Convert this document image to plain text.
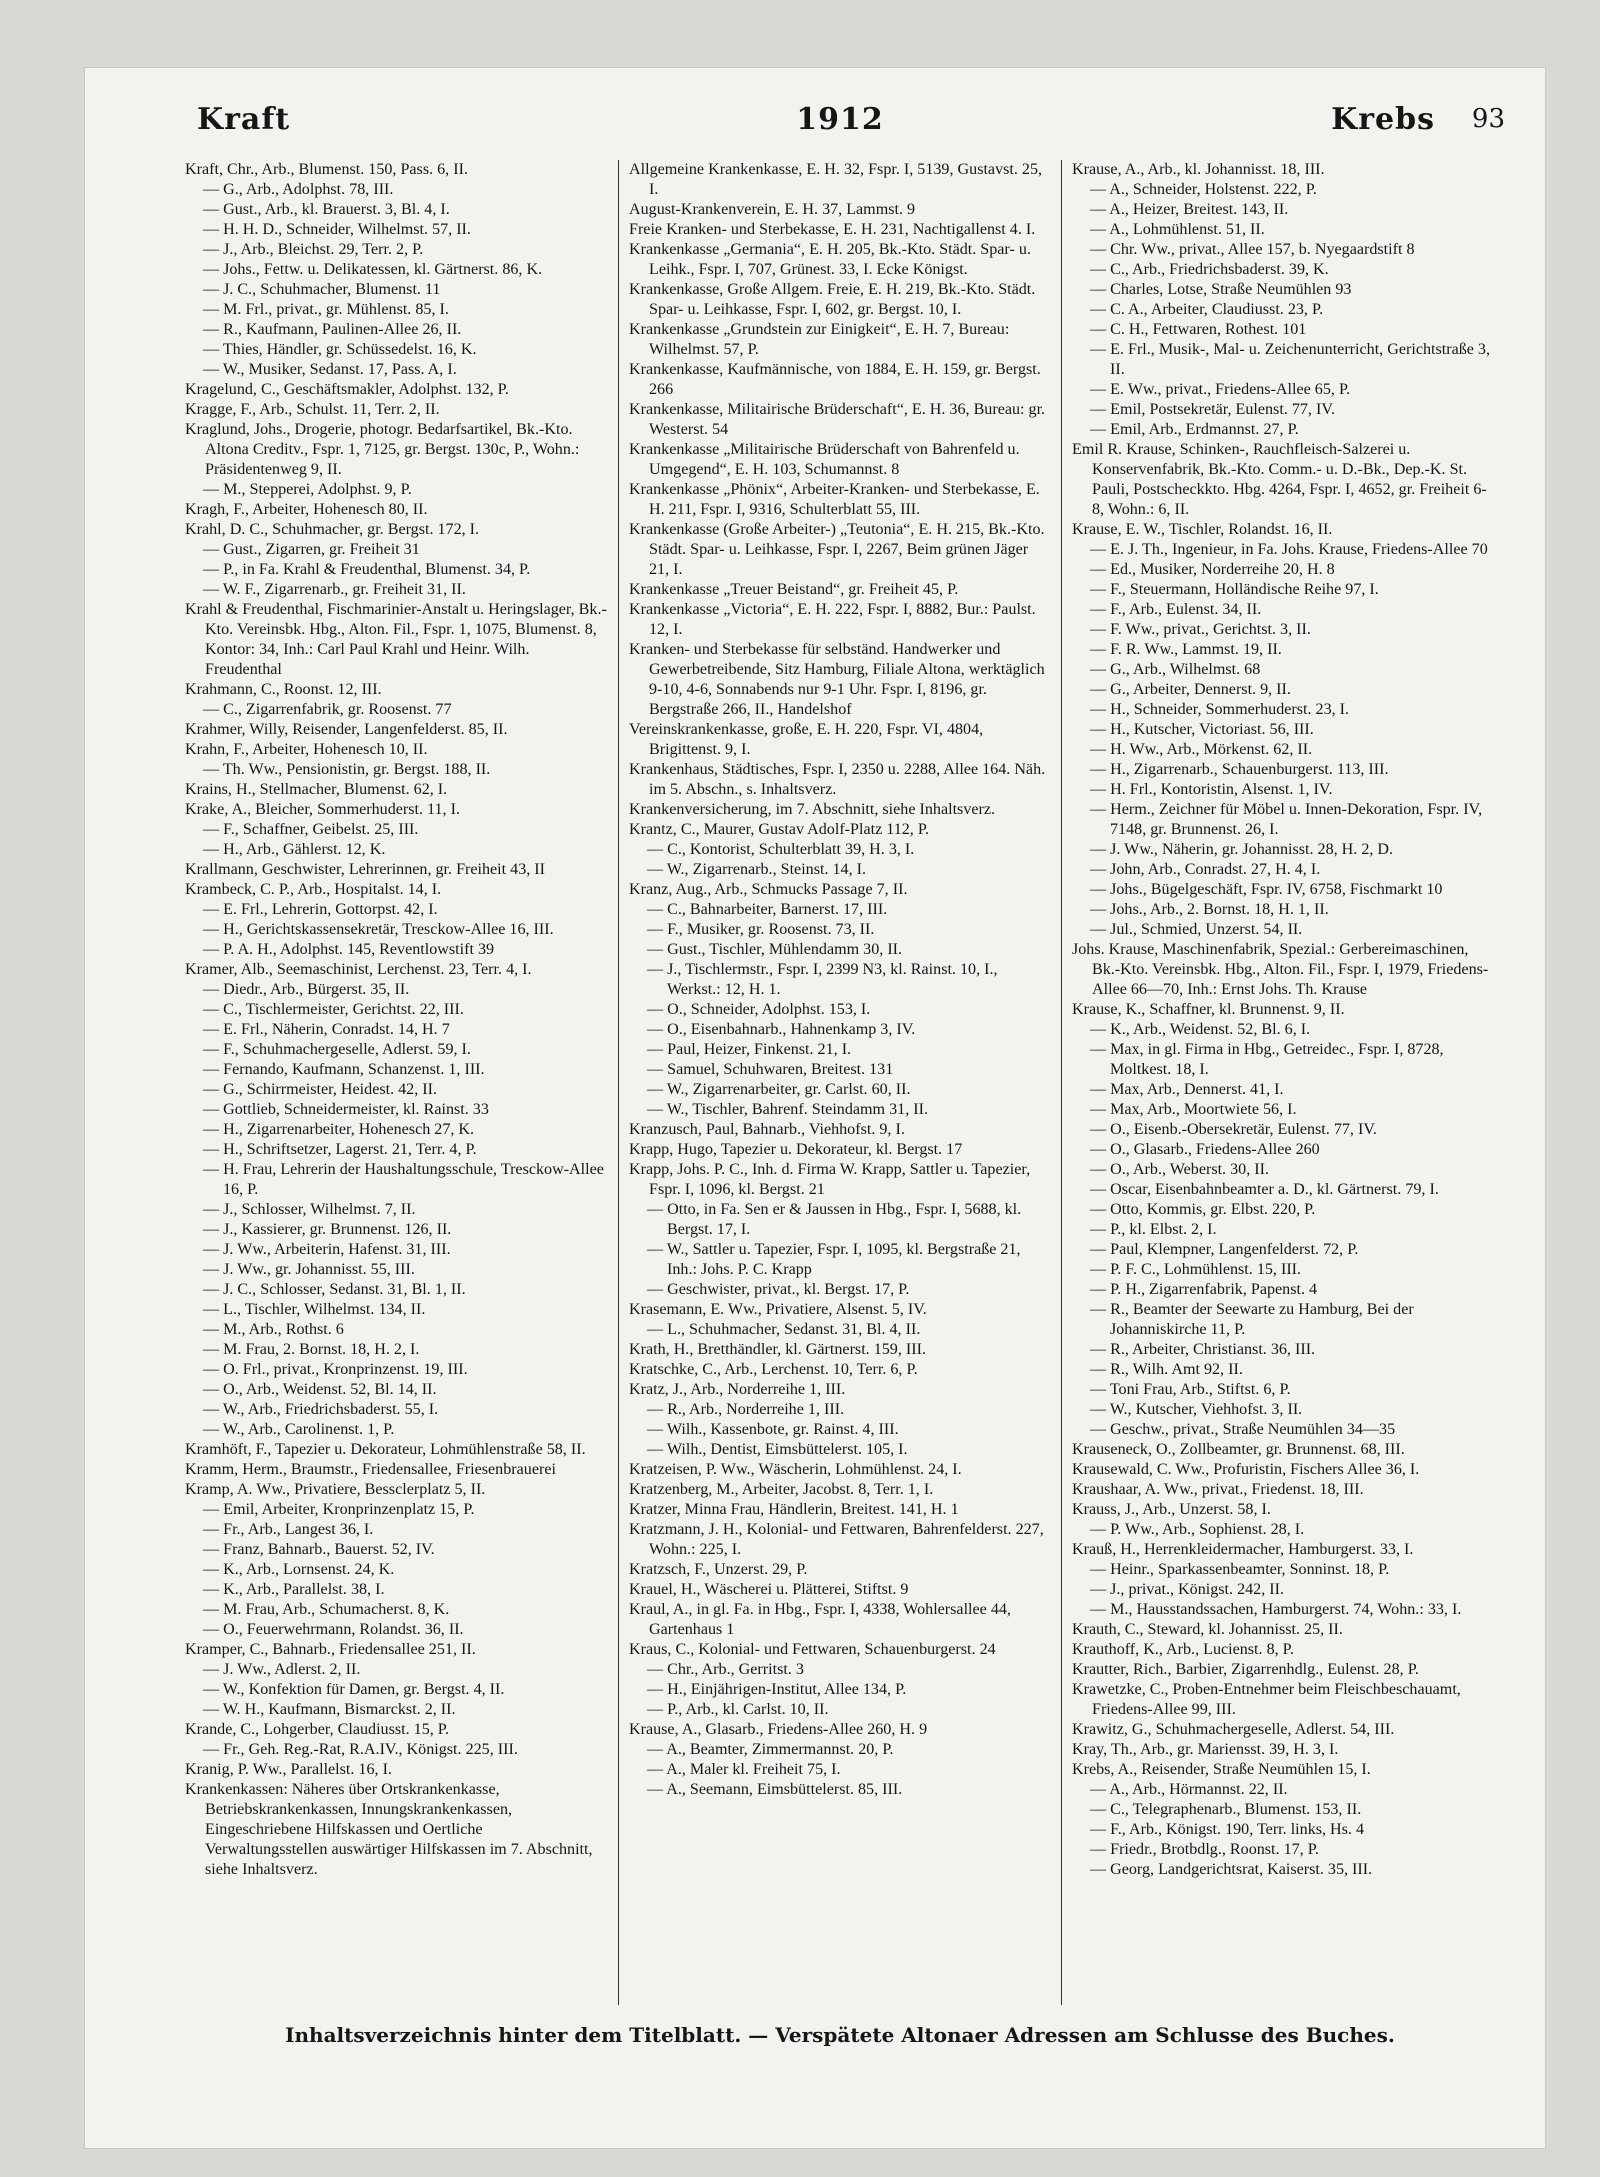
Kraft	1912	Krebs 93
Kraft, Chr., Arb., Blumenst. 150, Pass. 6, II.
— G., Arb., Adolphst. 78, III.
— Gust., Arb., kl. Brauerst. 3, Bl. 4, I.
— H. H. D., Schneider, Wilhelmst. 57, II.
— J., Arb., Bleichst. 29, Terr. 2, P.
— Johs., Fettw. u. Delikatessen, kl. Gärtnerst. 86, K.
— J. C., Schuhmacher, Blumenst. 11
— M. Frl., privat., gr. Mühlenst. 85, I.
— R., Kaufmann, Paulinen-Allee 26, II.
— Thies, Händler, gr. Schüssedelst. 16, K.
— W., Musiker, Sedanst. 17, Pass. A, I.
Kragelund, C., Geschäftsmakler, Adolphst. 132, P.
Kragge, F., Arb., Schulst. 11, Terr. 2, II.
Kraglund, Johs., Drogerie, photogr. Bedarfsartikel, Bk.-Kto. Altona Creditv., Fspr. 1, 7125, gr. Bergst. 130c, P., Wohn.: Präsidentenweg 9, II.
— M., Stepperei, Adolphst. 9, P.
Kragh, F., Arbeiter, Hohenesch 80, II.
Krahl, D. C., Schuhmacher, gr. Bergst. 172, I.
— Gust., Zigarren, gr. Freiheit 31
— P., in Fa. Krahl & Freudenthal, Blumenst. 34, P.
— W. F., Zigarrenarb., gr. Freiheit 31, II.
Krahl & Freudenthal, Fischmarinier-Anstalt u. Heringslager, Bk.-Kto. Vereinsbk. Hbg., Alton. Fil., Fspr. 1, 1075, Blumenst. 8, Kontor: 34, Inh.: Carl Paul Krahl und Heinr. Wilh. Freudenthal
Krahmann, C., Roonst. 12, III.
— C., Zigarrenfabrik, gr. Roosenst. 77
Krahmer, Willy, Reisender, Langenfelderst. 85, II.
Krahn, F., Arbeiter, Hohenesch 10, II.
— Th. Ww., Pensionistin, gr. Bergst. 188, II.
Krains, H., Stellmacher, Blumenst. 62, I.
Krake, A., Bleicher, Sommerhuderst. 11, I.
— F., Schaffner, Geibelst. 25, III.
— H., Arb., Gählerst. 12, K.
Krallmann, Geschwister, Lehrerinnen, gr. Freiheit 43, II
Krambeck, C. P., Arb., Hospitalst. 14, I.
— E. Frl., Lehrerin, Gottorpst. 42, I.
— H., Gerichtskassensekretär, Tresckow-Allee 16, III.
— P. A. H., Adolphst. 145, Reventlowstift 39
Kramer, Alb., Seemaschinist, Lerchenst. 23, Terr. 4, I.
— Diedr., Arb., Bürgerst. 35, II.
— C., Tischlermeister, Gerichtst. 22, III.
— E. Frl., Näherin, Conradst. 14, H. 7
— F., Schuhmachergeselle, Adlerst. 59, I.
— Fernando, Kaufmann, Schanzenst. 1, III.
— G., Schirrmeister, Heidest. 42, II.
— Gottlieb, Schneidermeister, kl. Rainst. 33
— H., Zigarrenarbeiter, Hohenesch 27, K.
— H., Schriftsetzer, Lagerst. 21, Terr. 4, P.
— H. Frau, Lehrerin der Haushaltungsschule, Tresckow-Allee 16, P.
— J., Schlosser, Wilhelmst. 7, II.
— J., Kassierer, gr. Brunnenst. 126, II.
— J. Ww., Arbeiterin, Hafenst. 31, III.
— J. Ww., gr. Johannisst. 55, III.
— J. C., Schlosser, Sedanst. 31, Bl. 1, II.
— L., Tischler, Wilhelmst. 134, II.
— M., Arb., Rothst. 6
— M. Frau, 2. Bornst. 18, H. 2, I.
— O. Frl., privat., Kronprinzenst. 19, III.
— O., Arb., Weidenst. 52, Bl. 14, II.
— W., Arb., Friedrichsbaderst. 55, I.
— W., Arb., Carolinenst. 1, P.
Kramhöft, F., Tapezier u. Dekorateur, Lohmühlenstraße 58, II.
Kramm, Herm., Braumstr., Friedensallee, Friesenbrauerei
Kramp, A. Ww., Privatiere, Bessclerplatz 5, II.
— Emil, Arbeiter, Kronprinzenplatz 15, P.
— Fr., Arb., Langest 36, I.
— Franz, Bahnarb., Bauerst. 52, IV.
— K., Arb., Lornsenst. 24, K.
— K., Arb., Parallelst. 38, I.
— M. Frau, Arb., Schumacherst. 8, K.
— O., Feuerwehrmann, Rolandst. 36, II.
Kramper, C., Bahnarb., Friedensallee 251, II.
— J. Ww., Adlerst. 2, II.
— W., Konfektion für Damen, gr. Bergst. 4, II.
— W. H., Kaufmann, Bismarckst. 2, II.
Krande, C., Lohgerber, Claudiusst. 15, P.
— Fr., Geh. Reg.-Rat, R.A.IV., Königst. 225, III.
Kranig, P. Ww., Parallelst. 16, I.
Krankenkassen: Näheres über Ortskrankenkasse, Betriebskrankenkassen, Innungskrankenkassen, Eingeschriebene Hilfskassen und Oertliche Verwaltungsstellen auswärtiger Hilfskassen im 7. Abschnitt, siehe Inhaltsverz.
Allgemeine Krankenkasse, E. H. 32, Fspr. I, 5139, Gustavst. 25, I.
August-Krankenverein, E. H. 37, Lammst. 9
Freie Kranken- und Sterbekasse, E. H. 231, Nachtigallenst 4. I.
Krankenkasse „Germania“, E. H. 205, Bk.-Kto. Städt. Spar- u. Leihk., Fspr. I, 707, Grünest. 33, I. Ecke Königst.
Krankenkasse, Große Allgem. Freie, E. H. 219, Bk.-Kto. Städt. Spar- u. Leihkasse, Fspr. I, 602, gr. Bergst. 10, I.
Krankenkasse „Grundstein zur Einigkeit“, E. H. 7, Bureau: Wilhelmst. 57, P.
Krankenkasse, Kaufmännische, von 1884, E. H. 159, gr. Bergst. 266
Krankenkasse, Militairische Brüderschaft“, E. H. 36, Bureau: gr. Westerst. 54
Krankenkasse „Militairische Brüderschaft von Bahrenfeld u. Umgegend“, E. H. 103, Schumannst. 8
Krankenkasse „Phönix“, Arbeiter-Kranken- und Sterbekasse, E. H. 211, Fspr. I, 9316, Schulterblatt 55, III.
Krankenkasse (Große Arbeiter-) „Teutonia“, E. H. 215, Bk.-Kto. Städt. Spar- u. Leihkasse, Fspr. I, 2267, Beim grünen Jäger 21, I.
Krankenkasse „Treuer Beistand“, gr. Freiheit 45, P.
Krankenkasse „Victoria“, E. H. 222, Fspr. I, 8882, Bur.: Paulst. 12, I.
Kranken- und Sterbekasse für selbständ. Handwerker und Gewerbetreibende, Sitz Hamburg, Filiale Altona, werktäglich 9-10, 4-6, Sonnabends nur 9-1 Uhr. Fspr. I, 8196, gr. Bergstraße 266, II., Handelshof
Vereinskrankenkasse, große, E. H. 220, Fspr. VI, 4804, Brigittenst. 9, I.
Krankenhaus, Städtisches, Fspr. I, 2350 u. 2288, Allee 164. Näh. im 5. Abschn., s. Inhaltsverz.
Krankenversicherung, im 7. Abschnitt, siehe Inhaltsverz.
Krantz, C., Maurer, Gustav Adolf-Platz 112, P.
— C., Kontorist, Schulterblatt 39, H. 3, I.
— W., Zigarrenarb., Steinst. 14, I.
Kranz, Aug., Arb., Schmucks Passage 7, II.
— C., Bahnarbeiter, Barnerst. 17, III.
— F., Musiker, gr. Roosenst. 73, II.
— Gust., Tischler, Mühlendamm 30, II.
— J., Tischlermstr., Fspr. I, 2399 N3, kl. Rainst. 10, I., Werkst.: 12, H. 1.
— O., Schneider, Adolphst. 153, I.
— O., Eisenbahnarb., Hahnenkamp 3, IV.
— Paul, Heizer, Finkenst. 21, I.
— Samuel, Schuhwaren, Breitest. 131
— W., Zigarrenarbeiter, gr. Carlst. 60, II.
— W., Tischler, Bahrenf. Steindamm 31, II.
Kranzusch, Paul, Bahnarb., Viehhofst. 9, I.
Krapp, Hugo, Tapezier u. Dekorateur, kl. Bergst. 17
Krapp, Johs. P. C., Inh. d. Firma W. Krapp, Sattler u. Tapezier, Fspr. I, 1096, kl. Bergst. 21
— Otto, in Fa. Sen er & Jaussen in Hbg., Fspr. I, 5688, kl. Bergst. 17, I.
— W., Sattler u. Tapezier, Fspr. I, 1095, kl. Bergstraße 21, Inh.: Johs. P. C. Krapp
— Geschwister, privat., kl. Bergst. 17, P.
Krasemann, E. Ww., Privatiere, Alsenst. 5, IV.
— L., Schuhmacher, Sedanst. 31, Bl. 4, II.
Krath, H., Bretthändler, kl. Gärtnerst. 159, III.
Kratschke, C., Arb., Lerchenst. 10, Terr. 6, P.
Kratz, J., Arb., Norderreihe 1, III.
— R., Arb., Norderreihe 1, III.
— Wilh., Kassenbote, gr. Rainst. 4, III.
— Wilh., Dentist, Eimsbüttelerst. 105, I.
Kratzeisen, P. Ww., Wäscherin, Lohmühlenst. 24, I.
Kratzenberg, M., Arbeiter, Jacobst. 8, Terr. 1, I.
Kratzer, Minna Frau, Händlerin, Breitest. 141, H. 1
Kratzmann, J. H., Kolonial- und Fettwaren, Bahrenfelderst. 227, Wohn.: 225, I.
Kratzsch, F., Unzerst. 29, P.
Krauel, H., Wäscherei u. Plätterei, Stiftst. 9
Kraul, A., in gl. Fa. in Hbg., Fspr. I, 4338, Wohlersallee 44, Gartenhaus 1
Kraus, C., Kolonial- und Fettwaren, Schauenburgerst. 24
— Chr., Arb., Gerritst. 3
— H., Einjährigen-Institut, Allee 134, P.
— P., Arb., kl. Carlst. 10, II.
Krause, A., Glasarb., Friedens-Allee 260, H. 9
— A., Beamter, Zimmermannst. 20, P.
— A., Maler kl. Freiheit 75, I.
— A., Seemann, Eimsbüttelerst. 85, III.
Krause, A., Arb., kl. Johannisst. 18, III.
— A., Schneider, Holstenst. 222, P.
— A., Heizer, Breitest. 143, II.
— A., Lohmühlenst. 51, II.
— Chr. Ww., privat., Allee 157, b. Nyegaardstift 8
— C., Arb., Friedrichsbaderst. 39, K.
— Charles, Lotse, Straße Neumühlen 93
— C. A., Arbeiter, Claudiusst. 23, P.
— C. H., Fettwaren, Rothest. 101
— E. Frl., Musik-, Mal- u. Zeichenunterricht, Gerichtstraße 3, II.
— E. Ww., privat., Friedens-Allee 65, P.
— Emil, Postsekretär, Eulenst. 77, IV.
— Emil, Arb., Erdmannst. 27, P.
Emil R. Krause, Schinken-, Rauchfleisch-Salzerei u. Konservenfabrik, Bk.-Kto. Comm.- u. D.-Bk., Dep.-K. St. Pauli, Postscheckkto. Hbg. 4264, Fspr. I, 4652, gr. Freiheit 6-8, Wohn.: 6, II.
Krause, E. W., Tischler, Rolandst. 16, II.
— E. J. Th., Ingenieur, in Fa. Johs. Krause, Friedens-Allee 70
— Ed., Musiker, Norderreihe 20, H. 8
— F., Steuermann, Holländische Reihe 97, I.
— F., Arb., Eulenst. 34, II.
— F. Ww., privat., Gerichtst. 3, II.
— F. R. Ww., Lammst. 19, II.
— G., Arb., Wilhelmst. 68
— G., Arbeiter, Dennerst. 9, II.
— H., Schneider, Sommerhuderst. 23, I.
— H., Kutscher, Victoriast. 56, III.
— H. Ww., Arb., Mörkenst. 62, II.
— H., Zigarrenarb., Schauenburgerst. 113, III.
— H. Frl., Kontoristin, Alsenst. 1, IV.
— Herm., Zeichner für Möbel u. Innen-Dekoration, Fspr. IV, 7148, gr. Brunnenst. 26, I.
— J. Ww., Näherin, gr. Johannisst. 28, H. 2, D.
— John, Arb., Conradst. 27, H. 4, I.
— Johs., Bügelgeschäft, Fspr. IV, 6758, Fischmarkt 10
— Johs., Arb., 2. Bornst. 18, H. 1, II.
— Jul., Schmied, Unzerst. 54, II.
Johs. Krause, Maschinenfabrik, Spezial.: Gerbereimaschinen, Bk.-Kto. Vereinsbk. Hbg., Alton. Fil., Fspr. I, 1979, Friedens-Allee 66—70, Inh.: Ernst Johs. Th. Krause
Krause, K., Schaffner, kl. Brunnenst. 9, II.
— K., Arb., Weidenst. 52, Bl. 6, I.
— Max, in gl. Firma in Hbg., Getreidec., Fspr. I, 8728, Moltkest. 18, I.
— Max, Arb., Dennerst. 41, I.
— Max, Arb., Moortwiete 56, I.
— O., Eisenb.-Obersekretär, Eulenst. 77, IV.
— O., Glasarb., Friedens-Allee 260
— O., Arb., Weberst. 30, II.
— Oscar, Eisenbahnbeamter a. D., kl. Gärtnerst. 79, I.
— Otto, Kommis, gr. Elbst. 220, P.
— P., kl. Elbst. 2, I.
— Paul, Klempner, Langenfelderst. 72, P.
— P. F. C., Lohmühlenst. 15, III.
— P. H., Zigarrenfabrik, Papenst. 4
— R., Beamter der Seewarte zu Hamburg, Bei der Johanniskirche 11, P.
— R., Arbeiter, Christianst. 36, III.
— R., Wilh. Amt 92, II.
— Toni Frau, Arb., Stiftst. 6, P.
— W., Kutscher, Viehhofst. 3, II.
— Geschw., privat., Straße Neumühlen 34—35
Krauseneck, O., Zollbeamter, gr. Brunnenst. 68, III.
Krausewald, C. Ww., Profuristin, Fischers Allee 36, I.
Kraushaar, A. Ww., privat., Friedenst. 18, III.
Krauss, J., Arb., Unzerst. 58, I.
— P. Ww., Arb., Sophienst. 28, I.
Krauß, H., Herrenkleidermacher, Hamburgerst. 33, I.
— Heinr., Sparkassenbeamter, Sonninst. 18, P.
— J., privat., Königst. 242, II.
— M., Hausstandssachen, Hamburgerst. 74, Wohn.: 33, I.
Krauth, C., Steward, kl. Johannisst. 25, II.
Krauthoff, K., Arb., Lucienst. 8, P.
Krautter, Rich., Barbier, Zigarrenhdlg., Eulenst. 28, P.
Krawetzke, C., Proben-Entnehmer beim Fleischbeschauamt, Friedens-Allee 99, III.
Krawitz, G., Schuhmachergeselle, Adlerst. 54, III.
Kray, Th., Arb., gr. Mariensst. 39, H. 3, I.
Krebs, A., Reisender, Straße Neumühlen 15, I.
— A., Arb., Hörmannst. 22, II.
— C., Telegraphenarb., Blumenst. 153, II.
— F., Arb., Königst. 190, Terr. links, Hs. 4
— Friedr., Brotbdlg., Roonst. 17, P.
— Georg, Landgerichtsrat, Kaiserst. 35, III.
Inhaltsverzeichnis hinter dem Titelblatt. — Verspätete Altonaer Adressen am Schlusse des Buches.
